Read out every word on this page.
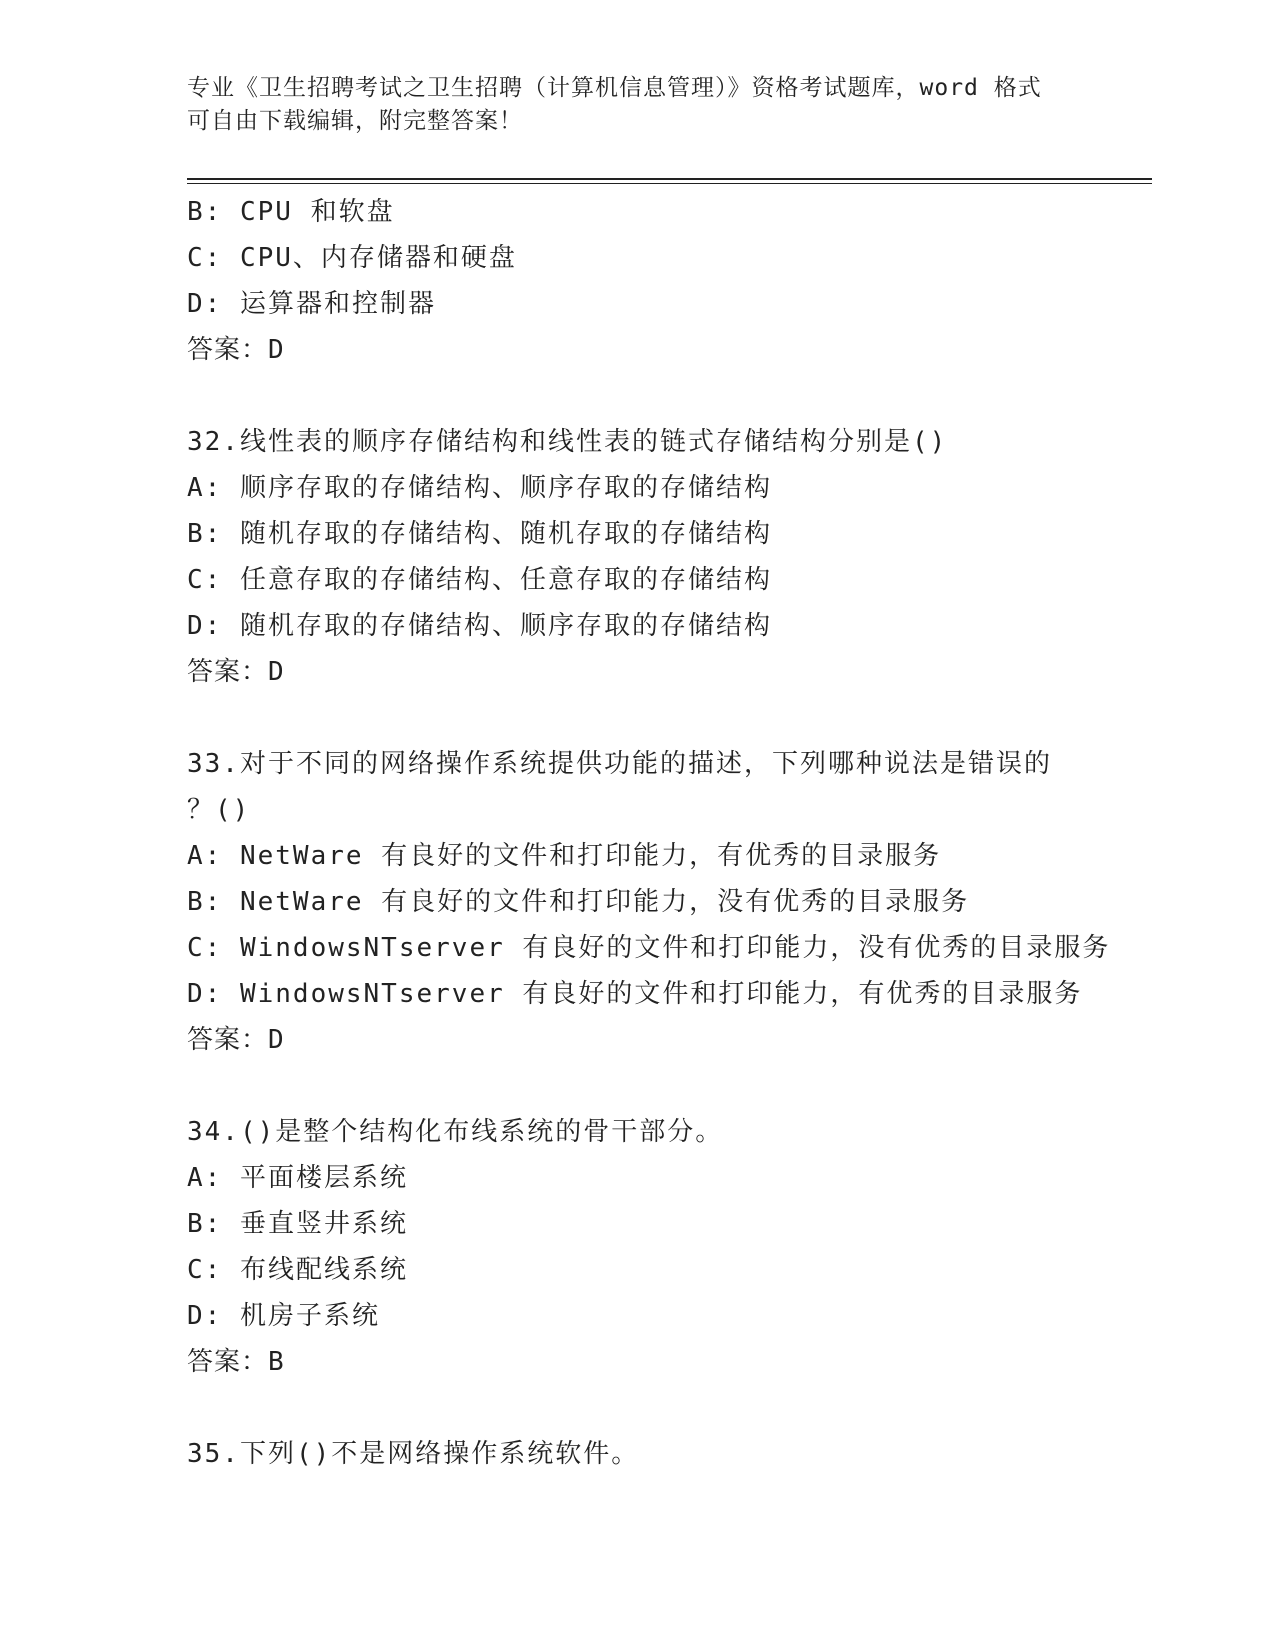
专业《卫生招聘考试之卫生招聘（计算机信息管理）》资格考试题库，word 格式
可自由下载编辑，附完整答案！
B: CPU 和软盘
C: CPU、内存储器和硬盘
D: 运算器和控制器
答案：D
32.线性表的顺序存储结构和线性表的链式存储结构分别是()
A: 顺序存取的存储结构、顺序存取的存储结构
B: 随机存取的存储结构、随机存取的存储结构
C: 任意存取的存储结构、任意存取的存储结构
D: 随机存取的存储结构、顺序存取的存储结构
答案：D
33.对于不同的网络操作系统提供功能的描述，下列哪种说法是错误的
？()
A: NetWare 有良好的文件和打印能力，有优秀的目录服务
B: NetWare 有良好的文件和打印能力，没有优秀的目录服务
C: WindowsNTserver 有良好的文件和打印能力，没有优秀的目录服务
D: WindowsNTserver 有良好的文件和打印能力，有优秀的目录服务
答案：D
34.()是整个结构化布线系统的骨干部分。
A: 平面楼层系统
B: 垂直竖井系统
C: 布线配线系统
D: 机房子系统
答案：B
35.下列()不是网络操作系统软件。
